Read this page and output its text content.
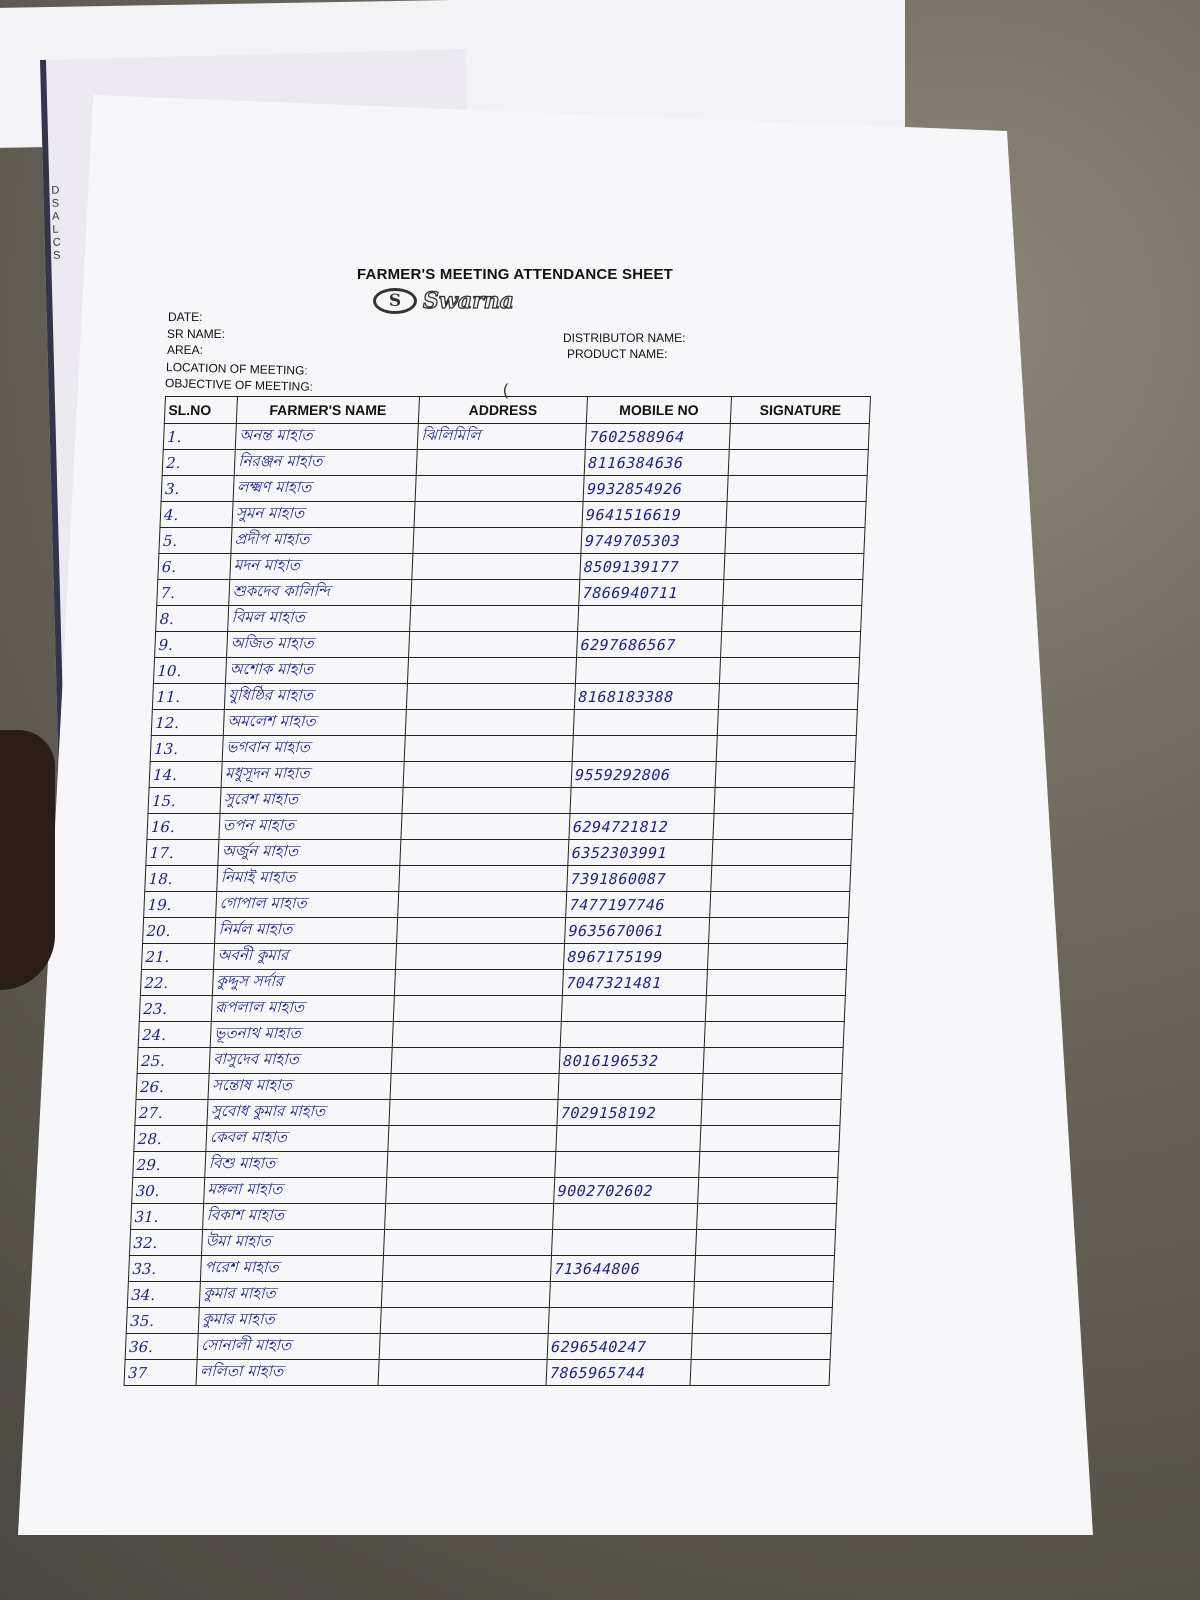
D
S
A
L
C
S
FARMER'S MEETING ATTENDANCE SHEET
S Swarna

DATE:

SR NAME:

AREA:

LOCATION OF MEETING:

OBJECTIVE OF MEETING:

DISTRIBUTOR NAME:

PRODUCT NAME:

(
SL.NO	FARMER'S NAME	ADDRESS	MOBILE NO	SIGNATURE
1.	অনন্ত মাহাত	ঝিলিমিলি	7602588964	
2.	নিরঞ্জন মাহাত		8116384636	
3.	লক্ষ্মণ মাহাত		9932854926	
4.	সুমন মাহাত		9641516619	
5.	প্রদীপ মাহাত		9749705303	
6.	মদন মাহাত		8509139177	
7.	শুকদেব কালিন্দি		7866940711	
8.	বিমল মাহাত			
9.	অজিত মাহাত		6297686567	
10.	অশোক মাহাত			
11.	যুধিষ্ঠির মাহাত		8168183388	
12.	অমলেশ মাহাত			
13.	ভগবান মাহাত			
14.	মধুসূদন মাহাত		9559292806	
15.	সুরেশ মাহাত			
16.	তপন মাহাত		6294721812	
17.	অর্জুন মাহাত		6352303991	
18.	নিমাই মাহাত		7391860087	
19.	গোপাল মাহাত		7477197746	
20.	নির্মল মাহাত		9635670061	
21.	অবনী কুমার		8967175199	
22.	কুদ্দুস সর্দার		7047321481	
23.	রূপলাল মাহাত			
24.	ভূতনাথ মাহাত			
25.	বাসুদেব মাহাত		8016196532	
26.	সন্তোষ মাহাত			
27.	সুবোধ কুমার মাহাত		7029158192	
28.	কেবল মাহাত			
29.	বিশু মাহাত			
30.	মঙ্গলা মাহাত		9002702602	
31.	বিকাশ মাহাত			
32.	উমা মাহাত			
33.	পরেশ মাহাত		713644806	
34.	কুমার মাহাত			
35.	কুমার মাহাত			
36.	সোনালী মাহাত		6296540247	
37	ললিতা মাহাত		7865965744	
